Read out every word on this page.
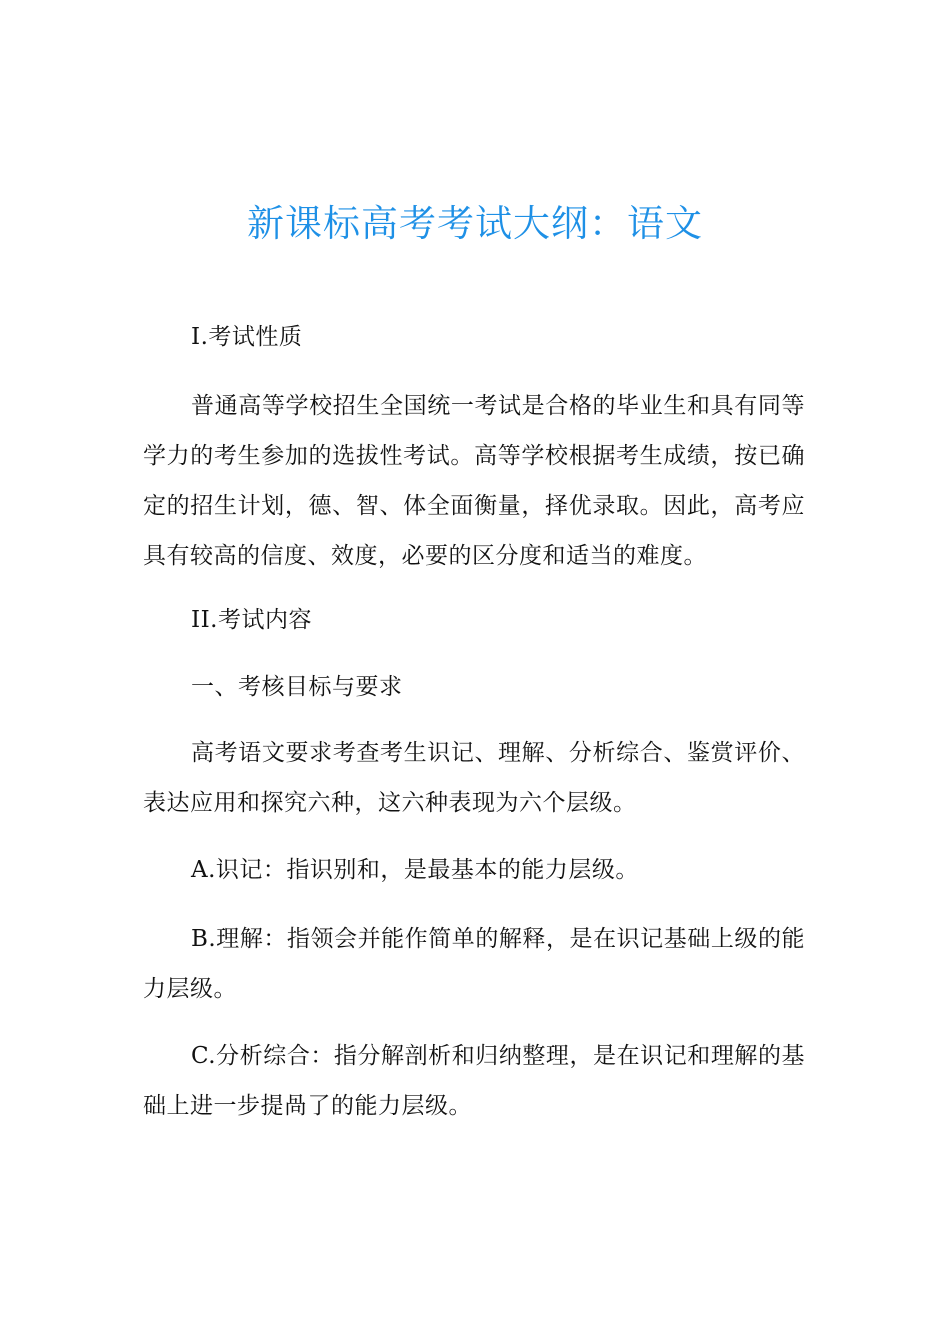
新课标高考考试大纲：语文
I.考试性质
普通高等学校招生全国统一考试是合格的毕业生和具有同等学力的考生参加的选拔性考试。高等学校根据考生成绩，按已确定的招生计划，德、智、体全面衡量，择优录取。因此，高考应具有较高的信度、效度，必要的区分度和适当的难度。
II.考试内容
一、考核目标与要求
高考语文要求考查考生识记、理解、分析综合、鉴赏评价、表达应用和探究六种，这六种表现为六个层级。
A.识记：指识别和，是最基本的能力层级。
B.理解：指领会并能作简单的解释，是在识记基础上级的能力层级。
C.分析综合：指分解剖析和归纳整理，是在识记和理解的基础上进一步提咼了的能力层级。
